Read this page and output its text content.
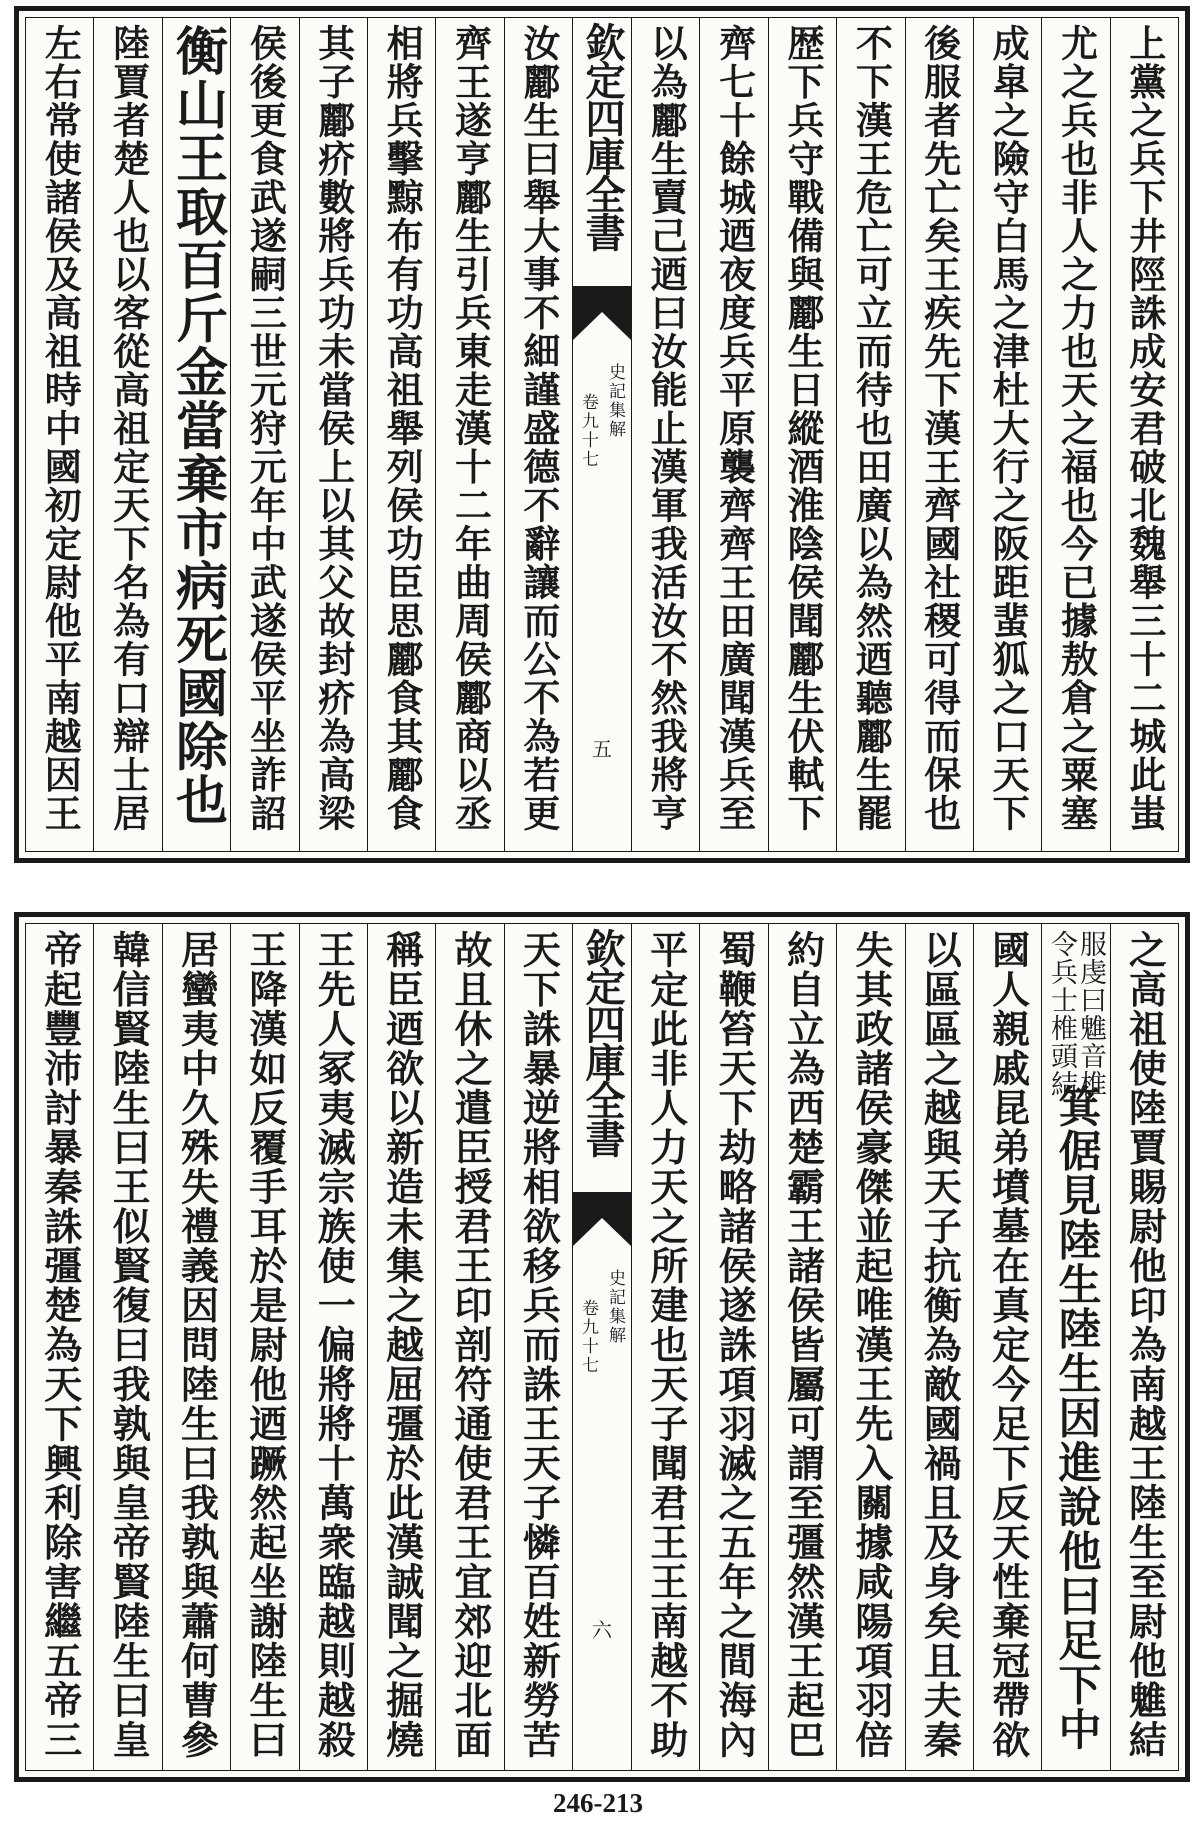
上黨之兵下井陘誅成安君破北魏舉三十二城此蚩
尤之兵也非人之力也天之福也今已據敖倉之粟塞
成皐之險守白馬之津杜大行之阪距蜚狐之口天下
後服者先亡矣王疾先下漢王齊國社稷可得而保也
不下漢王危亡可立而待也田廣以為然迺聽酈生罷
歴下兵守戰備與酈生日縱酒淮陰侯聞酈生伏軾下
齊七十餘城迺夜度兵平原襲齊齊王田廣聞漢兵至
以為酈生賣己迺曰汝能止漢軍我活汝不然我將亨
欽定四庫全書
史記集解
卷九十七
五
汝酈生曰舉大事不細謹盛德不辭讓而公不為若更
齊王遂亨酈生引兵東走漢十二年曲周侯酈商以丞
相將兵擊黥布有功高祖舉列侯功臣思酈食其酈食
其子酈疥數將兵功未當侯上以其父故封疥為高梁
侯後更食武遂嗣三世元狩元年中武遂侯平坐詐詔
衡山王取百斤金當棄市病死國除也
陸賈者楚人也以客從高祖定天下名為有口辯士居
左右常使諸侯及高祖時中國初定尉他平南越因王
之高祖使陸賈賜尉他印為南越王陸生至尉他魋結
服虔曰魋音椎
令兵士椎頭結
箕倨見陸生陸生因進說他曰足下中
國人親戚昆弟墳墓在真定今足下反天性棄冠帶欲
以區區之越與天子抗衡為敵國禍且及身矣且夫秦
失其政諸侯豪傑並起唯漢王先入關據咸陽項羽倍
約自立為西楚霸王諸侯皆屬可謂至彊然漢王起巴
蜀鞭笞天下劫略諸侯遂誅項羽滅之五年之間海內
平定此非人力天之所建也天子聞君王王南越不助
欽定四庫全書
史記集解
卷九十七
六
天下誅暴逆將相欲移兵而誅王天子憐百姓新勞苦
故且休之遣臣授君王印剖符通使君王宜郊迎北面
稱臣迺欲以新造未集之越屈彊於此漢誠聞之掘燒
王先人冢夷滅宗族使一偏將將十萬衆臨越則越殺
王降漢如反覆手耳於是尉他迺蹶然起坐謝陸生曰
居蠻夷中久殊失禮義因問陸生曰我孰與蕭何曹參
韓信賢陸生曰王似賢復曰我孰與皇帝賢陸生曰皇
帝起豐沛討暴秦誅彊楚為天下興利除害繼五帝三
246-213
